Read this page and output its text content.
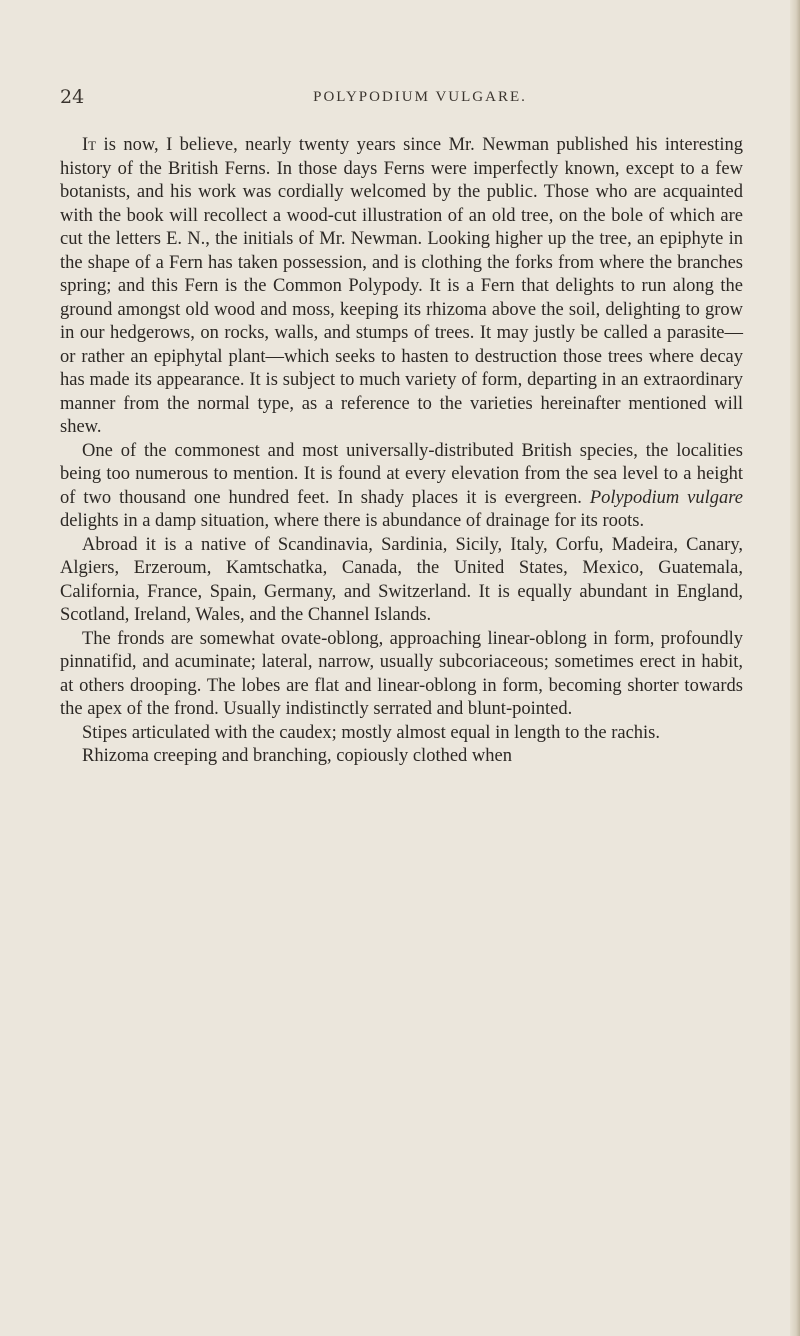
24	POLYPODIUM VULGARE.

It is now, I believe, nearly twenty years since Mr. Newman published his interesting history of the British Ferns. In those days Ferns were imperfectly known, except to a few botanists, and his work was cordially welcomed by the public. Those who are acquainted with the book will recollect a wood-cut illustration of an old tree, on the bole of which are cut the letters E. N., the initials of Mr. Newman. Looking higher up the tree, an epiphyte in the shape of a Fern has taken possession, and is clothing the forks from where the branches spring; and this Fern is the Common Polypody. It is a Fern that delights to run along the ground amongst old wood and moss, keeping its rhizoma above the soil, delighting to grow in our hedgerows, on rocks, walls, and stumps of trees. It may justly be called a parasite—or rather an epiphytal plant—which seeks to hasten to destruction those trees where decay has made its appearance. It is subject to much variety of form, departing in an extraordinary manner from the normal type, as a reference to the varieties hereinafter mentioned will shew.

One of the commonest and most universally-distributed British species, the localities being too numerous to mention. It is found at every elevation from the sea level to a height of two thousand one hundred feet. In shady places it is evergreen. Polypodium vulgare delights in a damp situation, where there is abundance of drainage for its roots.

Abroad it is a native of Scandinavia, Sardinia, Sicily, Italy, Corfu, Madeira, Canary, Algiers, Erzeroum, Kamtschatka, Canada, the United States, Mexico, Guatemala, California, France, Spain, Germany, and Switzerland. It is equally abundant in England, Scotland, Ireland, Wales, and the Channel Islands.

The fronds are somewhat ovate-oblong, approaching linear-oblong in form, profoundly pinnatifid, and acuminate; lateral, narrow, usually subcoriaceous; sometimes erect in habit, at others drooping. The lobes are flat and linear-oblong in form, becoming shorter towards the apex of the frond. Usually indistinctly serrated and blunt-pointed.

Stipes articulated with the caudex; mostly almost equal in length to the rachis.

Rhizoma creeping and branching, copiously clothed when
